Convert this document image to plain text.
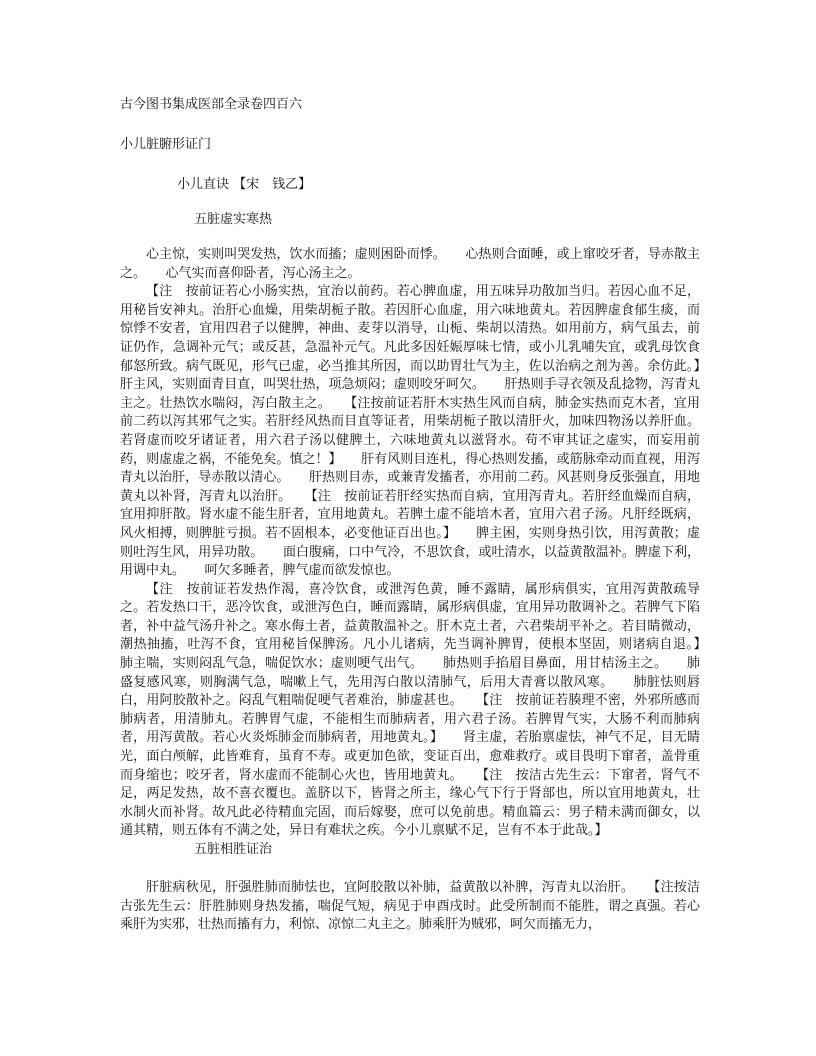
古今图书集成医部全录卷四百六

小儿脏腑形证门

小儿直诀 【宋　钱乙】

五脏虚实寒热

心主惊，实则叫哭发热，饮水而搐；虚则困卧而悸。　　心热则合面睡，或上窜咬牙者，导赤散主之。　　心气实而喜仰卧者，泻心汤主之。

【注　按前证若心小肠实热，宜治以前药。若心脾血虚，用五味异功散加当归。若因心血不足，用秘旨安神丸。治肝心血燥，用柴胡栀子散。若因肝心血虚，用六味地黄丸。若因脾虚食郁生痰，而惊悸不安者，宜用四君子以健脾，神曲、麦芽以消导，山栀、柴胡以清热。如用前方，病气虽去，前证仍作，急调补元气；或反甚，急温补元气。凡此多因妊娠厚味七情，或小儿乳哺失宜，或乳母饮食郁怒所致。病气既见，形气已虚，必当推其所因，而以助胃壮气为主，佐以治病之剂为善。余仿此。】　　肝主风，实则面青目直，叫哭壮热，项急烦闷；虚则咬牙呵欠。　　肝热则手寻衣领及乱捻物，泻青丸主之。壮热饮水喘闷，泻白散主之。　　【注按前证若肝木实热生风而自病，肺金实热而克木者，宜用前二药以泻其邪气之实。若肝经风热而目直等证者，用柴胡栀子散以清肝火，加味四物汤以养肝血。若肾虚而咬牙诸证者，用六君子汤以健脾土，六味地黄丸以滋肾水。苟不审其证之虚实，而妄用前药，则虚虚之祸，不能免矣。慎之！】　　肝有风则目连札，得心热则发搐，或筋脉牵动而直视，用泻青丸以治肝，导赤散以清心。　　肝热则目赤，或兼青发搐者，亦用前二药。风甚则身反张强直，用地黄丸以补肾，泻青丸以治肝。　　【注　按前证若肝经实热而自病，宜用泻青丸。若肝经血燥而自病，宜用抑肝散。肾水虚不能生肝者，宜用地黄丸。若脾土虚不能培木者，宜用六君子汤。凡肝经既病，风火相搏，则脾脏亏损。若不固根本，必变他证百出也。】　　脾主困，实则身热引饮，用泻黄散；虚则吐泻生风，用异功散。　　面白腹痛，口中气冷，不思饮食，或吐清水，以益黄散温补。脾虚下利，用调中丸。　　呵欠多睡者，脾气虚而欲发惊也。

【注　按前证若发热作渴，喜冷饮食，或泄泻色黄，睡不露睛，属形病俱实，宜用泻黄散疏导之。若发热口干，恶冷饮食，或泄泻色白，睡而露睛，属形病俱虚，宜用异功散调补之。若脾气下陷者，补中益气汤升补之。寒水侮土者，益黄散温补之。肝木克土者，六君柴胡平补之。若目睛微动，潮热抽搐，吐泻不食，宜用秘旨保脾汤。凡小儿诸病，先当调补脾胃，使根本坚固，则诸病自退。】　　肺主喘，实则闷乱气急，喘促饮水；虚则哽气出气。　　肺热则手掐眉目鼻面，用甘桔汤主之。　　肺盛复感风寒，则胸满气急，喘嗽上气，先用泻白散以清肺气，后用大青膏以散风寒。　　肺脏怯则唇白，用阿胶散补之。闷乱气粗喘促哽气者难治，肺虚甚也。　　【注　按前证若腠理不密，外邪所感而肺病者，用清肺丸。若脾胃气虚，不能相生而肺病者，用六君子汤。若脾胃气实，大肠不利而肺病者，用泻黄散。若心火炎烁肺金而肺病者，用地黄丸。】　　肾主虚，若胎禀虚怯，神气不足，目无睛光，面白颅解，此皆难育，虽育不寿。或更加色欲，变证百出，愈难救疗。或目畏明下窜者，盖骨重而身缩也；咬牙者，肾水虚而不能制心火也，皆用地黄丸。　　【注　按洁古先生云：下窜者，肾气不足，两足发热，故不喜衣覆也。盖脐以下，皆肾之所主，缘心气下行于肾部也，所以宜用地黄丸，壮水制火而补肾。故凡此必待精血完固，而后嫁娶，庶可以免前患。精血篇云：男子精未满而御女，以通其精，则五体有不满之处，异日有难状之疾。今小儿禀赋不足，岂有不本于此哉。】

五脏相胜证治

肝脏病秋见，肝强胜肺而肺怯也，宜阿胶散以补肺，益黄散以补脾，泻青丸以治肝。　　【注按洁古张先生云：肝胜肺则身热发搐，喘促气短，病见于申酉戌时。此受所制而不能胜，谓之真强。若心乘肝为实邪，壮热而搐有力，利惊、凉惊二丸主之。肺乘肝为贼邪，呵欠而搐无力，
